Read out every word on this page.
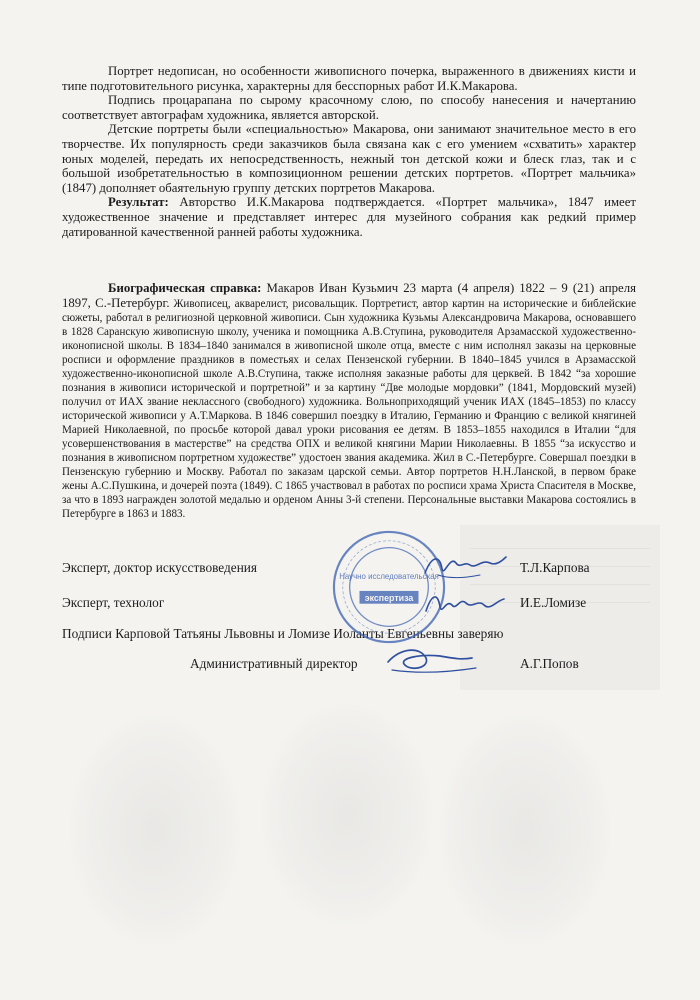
Портрет недописан, но особенности живописного почерка, выраженного в движениях кисти и типе подготовительного рисунка, характерны для бесспорных работ И.К.Макарова.

Подпись процарапана по сырому красочному слою, по способу нанесения и начертанию соответствует автографам художника, является авторской.

Детские портреты были «специальностью» Макарова, они занимают значительное место в его творчестве. Их популярность среди заказчиков была связана как с его умением «схватить» характер юных моделей, передать их непосредственность, нежный тон детской кожи и блеск глаз, так и с большой изобретательностью в композиционном решении детских портретов. «Портрет мальчика» (1847) дополняет обаятельную группу детских портретов Макарова.

Результат: Авторство И.К.Макарова подтверждается. «Портрет мальчика», 1847 имеет художественное значение и представляет интерес для музейного собрания как редкий пример датированной качественной ранней работы художника.

Биографическая справка: Макаров Иван Кузьмич 23 марта (4 апреля) 1822 – 9 (21) апреля 1897, С.-Петербург. Живописец, акварелист, рисовальщик. Портретист, автор картин на исторические и библейские сюжеты, работал в религиозной церковной живописи. Сын художника Кузьмы Александровича Макарова, основавшего в 1828 Саранскую живописную школу, ученика и помощника А.В.Ступина, руководителя Арзамасской художественно-иконописной школы. В 1834–1840 занимался в живописной школе отца, вместе с ним исполнял заказы на церковные росписи и оформление праздников в поместьях и селах Пензенской губернии. В 1840–1845 учился в Арзамасской художественно-иконописной школе А.В.Ступина, также исполняя заказные работы для церквей. В 1842 “за хорошие познания в живописи исторической и портретной” и за картину “Две молодые мордовки” (1841, Мордовский музей) получил от ИАХ звание некласcного (свободного) художника. Вольноприходящий ученик ИАХ (1845–1853) по классу исторической живописи у А.Т.Маркова. В 1846 совершил поездку в Италию, Германию и Францию с великой княгиней Марией Николаевной, по просьбе которой давал уроки рисования ее детям. В 1853–1855 находился в Италии “для усовершенствования в мастерстве” на средства ОПХ и великой княгини Марии Николаевны. В 1855 “за искусство и познания в живописном портретном художестве” удостоен звания академика. Жил в С.-Петербурге. Совершал поездки в Пензенскую губернию и Москву. Работал по заказам царской семьи. Автор портретов Н.Н.Ланской, в первом браке жены А.С.Пушкина, и дочерей поэта (1849). С 1865 участвовал в работах по росписи храма Христа Спасителя в Москве, за что в 1893 награжден золотой медалью и орденом Анны 3-й степени. Персональные выставки Макарова состоялись в Петербурге в 1863 и 1883.

Эксперт, доктор искусствоведения	Т.Л.Карпова
Эксперт, технолог	И.Е.Ломизе
Подписи Карповой Татьяны Львовны и Ломизе Иоланты Евгеньевны заверяю
Административный директор	А.Г.Попов
Научно исследовательская
экспертиза
